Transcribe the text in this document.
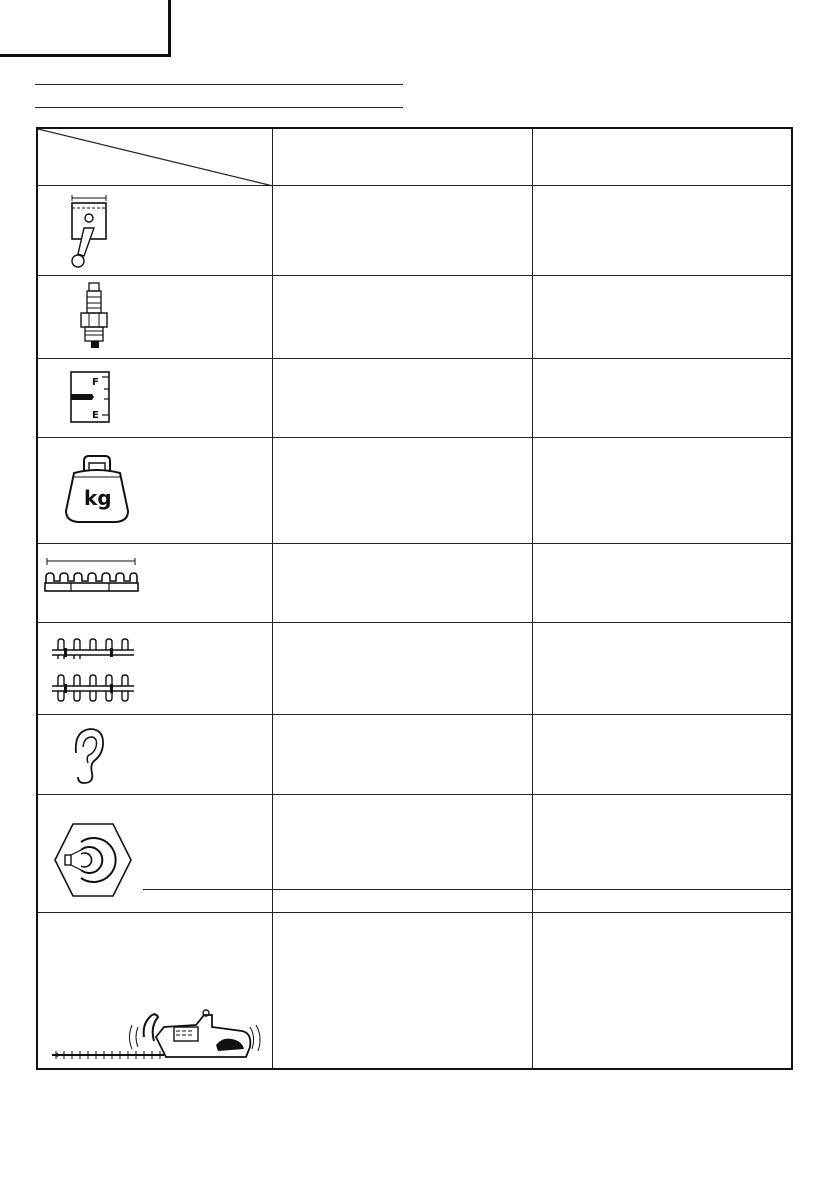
F
E
kg
